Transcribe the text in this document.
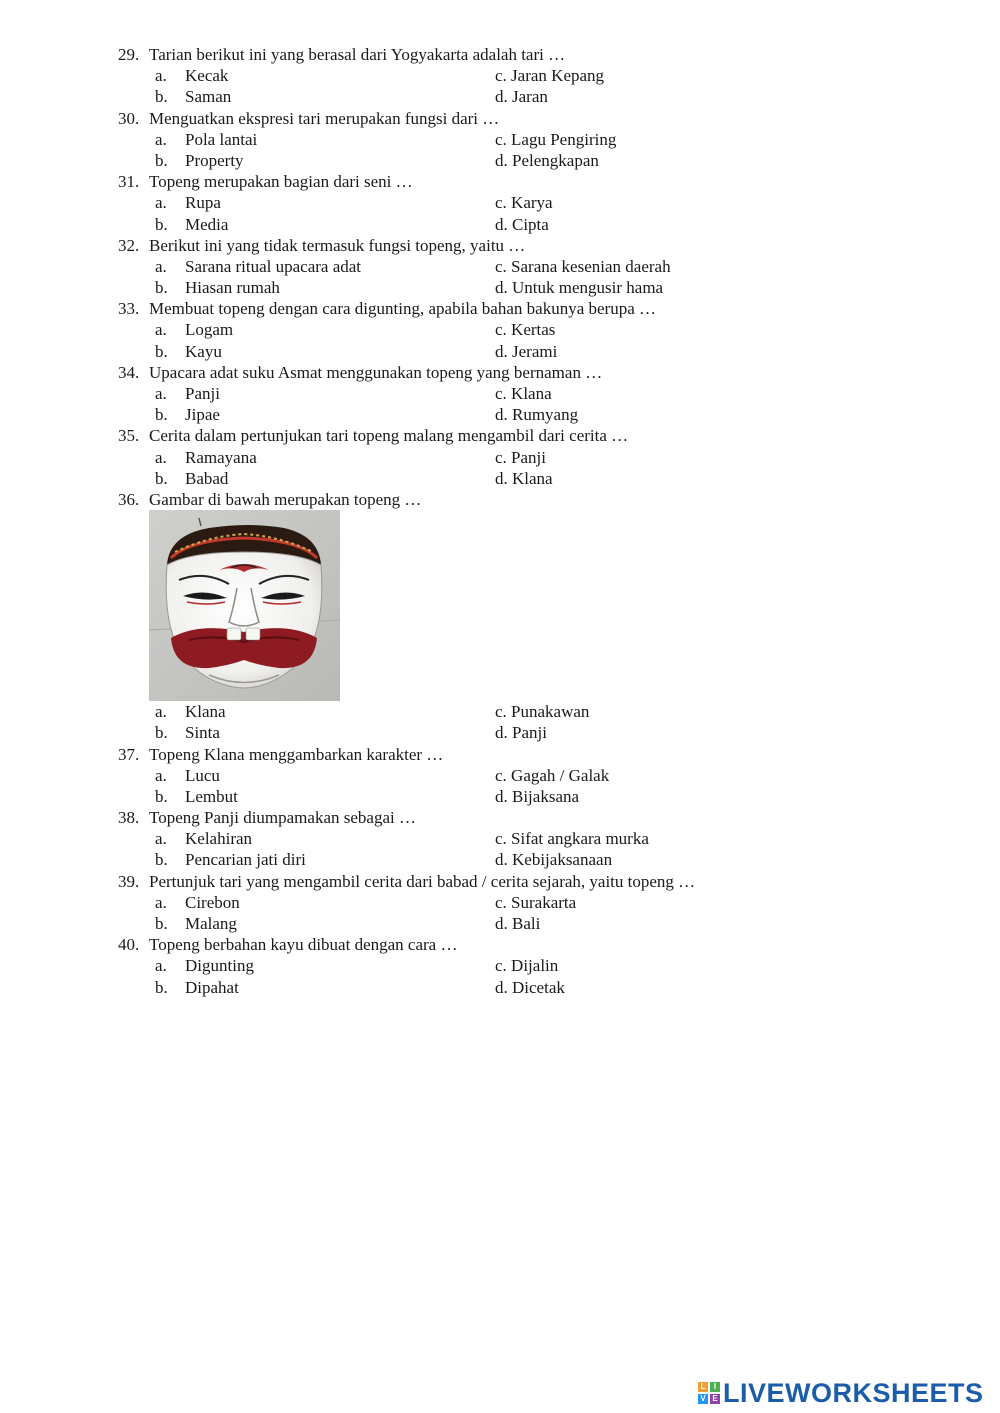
29. Tarian berikut ini yang berasal dari Yogyakarta adalah tari …
a. Kecak	c. Jaran Kepang
b. Saman	d. Jaran
30. Menguatkan ekspresi tari merupakan fungsi dari …
a. Pola lantai	c. Lagu Pengiring
b. Property	d. Pelengkapan
31. Topeng merupakan bagian dari seni …
a. Rupa	c. Karya
b. Media	d. Cipta
32. Berikut ini yang tidak termasuk fungsi topeng, yaitu …
a. Sarana ritual upacara adat	c. Sarana kesenian daerah
b. Hiasan rumah	d. Untuk mengusir hama
33. Membuat topeng dengan cara digunting, apabila bahan bakunya berupa …
a. Logam	c. Kertas
b. Kayu	d. Jerami
34. Upacara adat suku Asmat menggunakan topeng yang bernaman …
a. Panji	c. Klana
b. Jipae	d. Rumyang
35. Cerita dalam pertunjukan tari topeng malang mengambil dari cerita …
a. Ramayana	c. Panji
b. Babad	d. Klana
36. Gambar di bawah merupakan topeng …
a. Klana	c. Punakawan
b. Sinta	d. Panji
37. Topeng Klana menggambarkan karakter …
a. Lucu	c. Gagah / Galak
b. Lembut	d. Bijaksana
38. Topeng Panji diumpamakan sebagai …
a. Kelahiran	c. Sifat angkara murka
b. Pencarian jati diri	d. Kebijaksanaan
39. Pertunjuk tari yang mengambil cerita dari babad / cerita sejarah, yaitu topeng …
a. Cirebon	c. Surakarta
b. Malang	d. Bali
40. Topeng berbahan kayu dibuat dengan cara …
a. Digunting	c. Dijalin
b. Dipahat	d. Dicetak
L	I
V E LIVEWORKSHEETS
